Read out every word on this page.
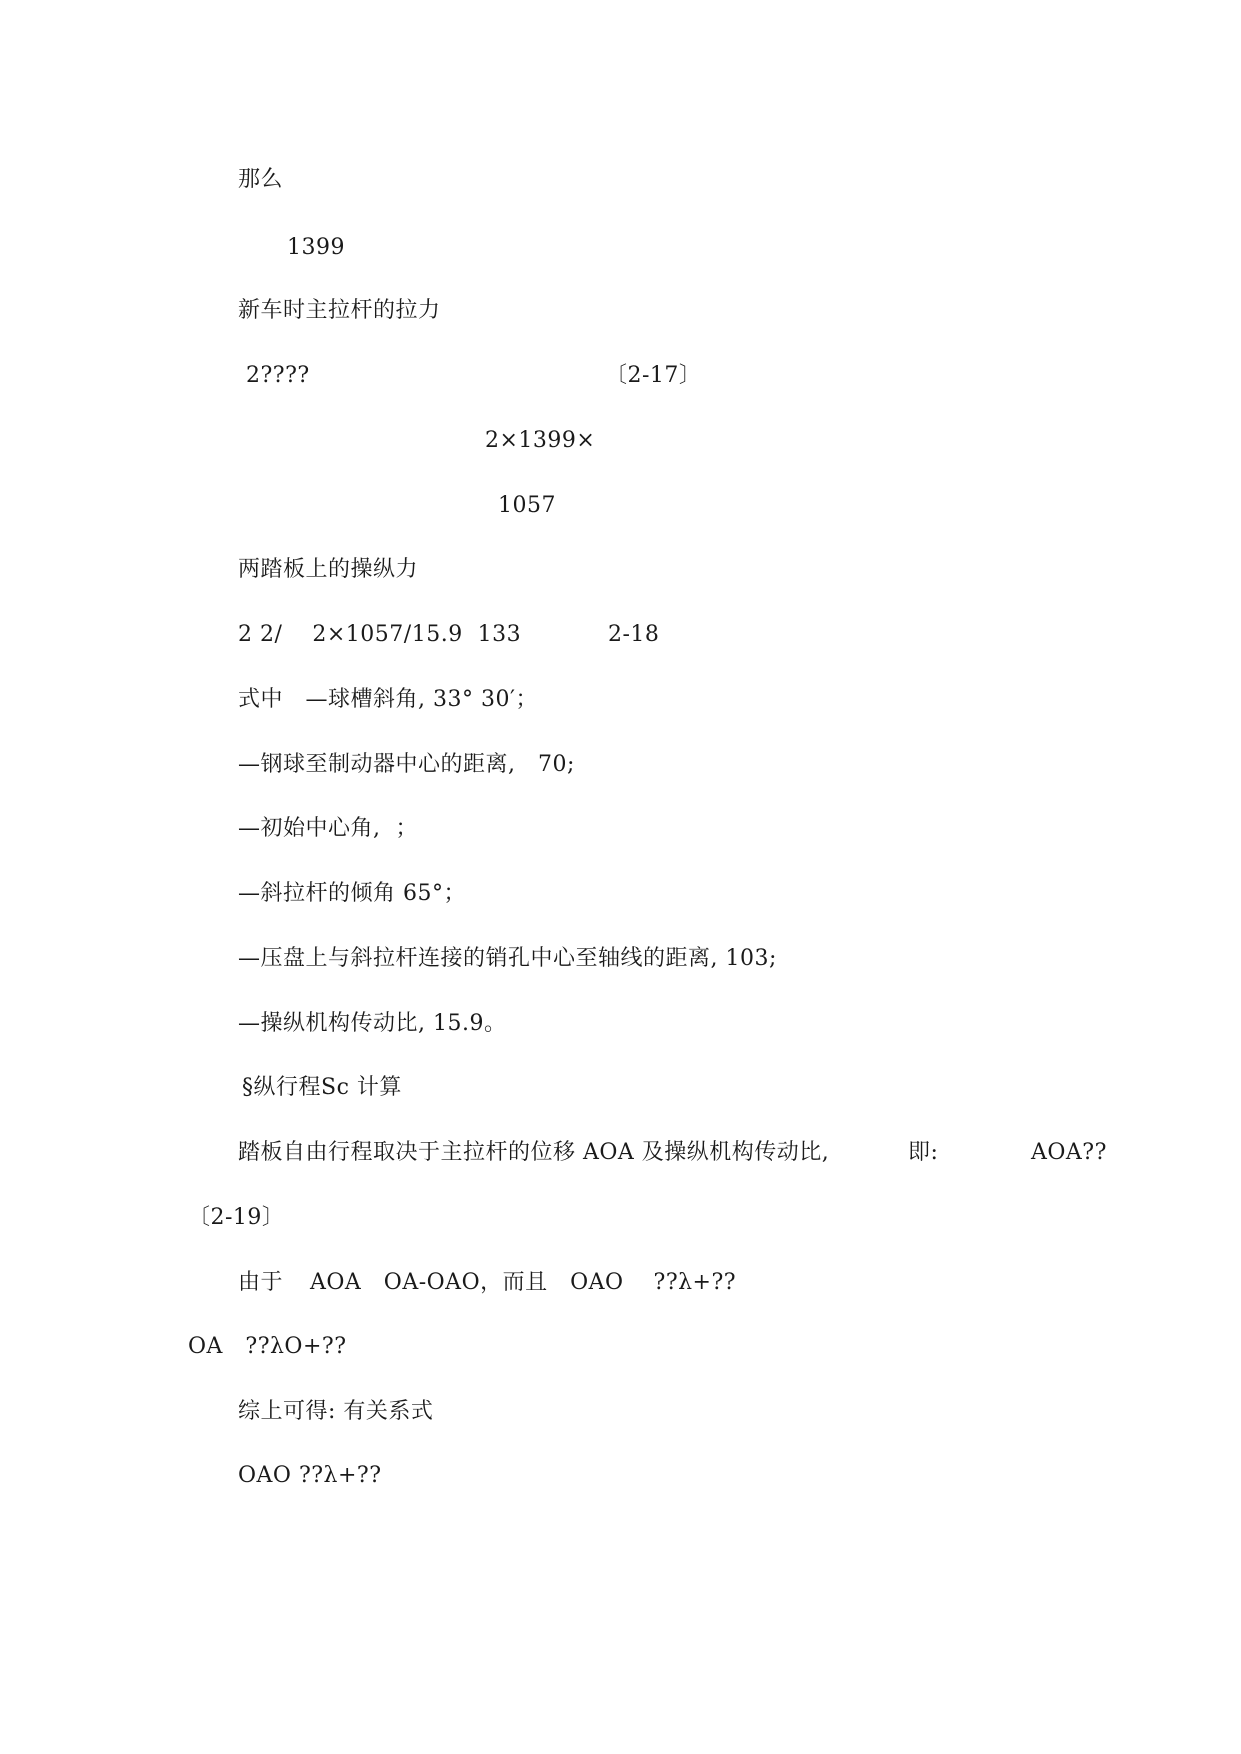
那么
1399
新车时主拉杆的拉力
2????	〔2-17〕
2×1399×
1057
两踏板上的操纵力
2 2/    2×1057/15.9  133	2-18
式中   —球槽斜角, 33° 30′；
—钢球至制动器中心的距离,   70;
—初始中心角,  ；
—斜拉杆的倾角 65°；
—压盘上与斜拉杆连接的销孔中心至轴线的距离, 103;
—操纵机构传动比, 15.9。
§纵行程Sc 计算
踏板自由行程取决于主拉杆的位移 AOA 及操纵机构传动比,	即:	AOA??
〔2-19〕
由于 AOA   OA-OAO，而且   OAO    ??λ+??
OA   ??λO+??
综上可得: 有关系式
OAO ??λ+??
